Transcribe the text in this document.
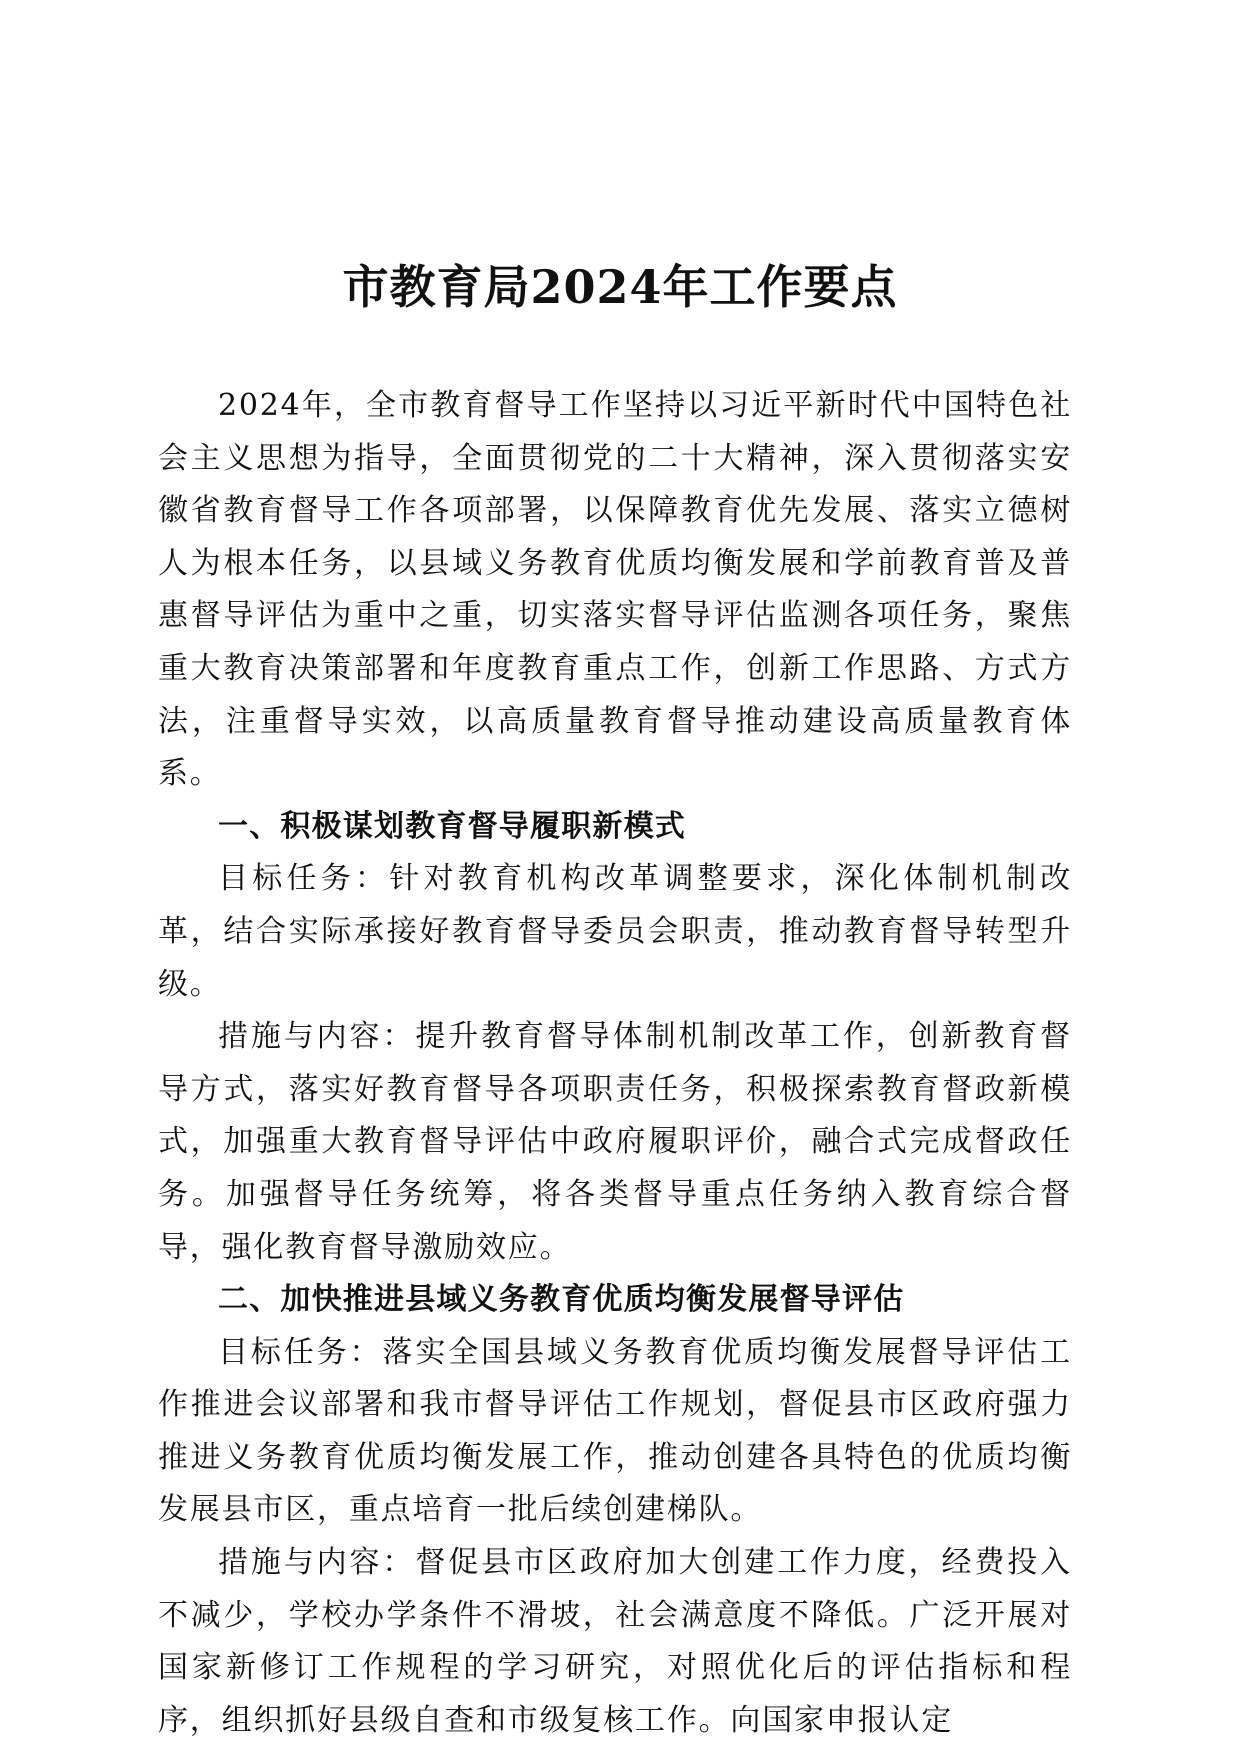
市教育局2024年工作要点

2024年，全市教育督导工作坚持以习近平新时代中国特色社会主义思想为指导，全面贯彻党的二十大精神，深入贯彻落实安徽省教育督导工作各项部署，以保障教育优先发展、落实立德树人为根本任务，以县域义务教育优质均衡发展和学前教育普及普惠督导评估为重中之重，切实落实督导评估监测各项任务，聚焦重大教育决策部署和年度教育重点工作，创新工作思路、方式方法，注重督导实效，以高质量教育督导推动建设高质量教育体系。

一、积极谋划教育督导履职新模式

目标任务：针对教育机构改革调整要求，深化体制机制改革，结合实际承接好教育督导委员会职责，推动教育督导转型升级。

措施与内容：提升教育督导体制机制改革工作，创新教育督导方式，落实好教育督导各项职责任务，积极探索教育督政新模式，加强重大教育督导评估中政府履职评价，融合式完成督政任务。加强督导任务统筹，将各类督导重点任务纳入教育综合督导，强化教育督导激励效应。

二、加快推进县域义务教育优质均衡发展督导评估

目标任务：落实全国县域义务教育优质均衡发展督导评估工作推进会议部署和我市督导评估工作规划，督促县市区政府强力推进义务教育优质均衡发展工作，推动创建各具特色的优质均衡发展县市区，重点培育一批后续创建梯队。

措施与内容：督促县市区政府加大创建工作力度，经费投入不减少，学校办学条件不滑坡，社会满意度不降低。广泛开展对国家新修订工作规程的学习研究，对照优化后的评估指标和程序，组织抓好县级自查和市级复核工作。向国家申报认定
